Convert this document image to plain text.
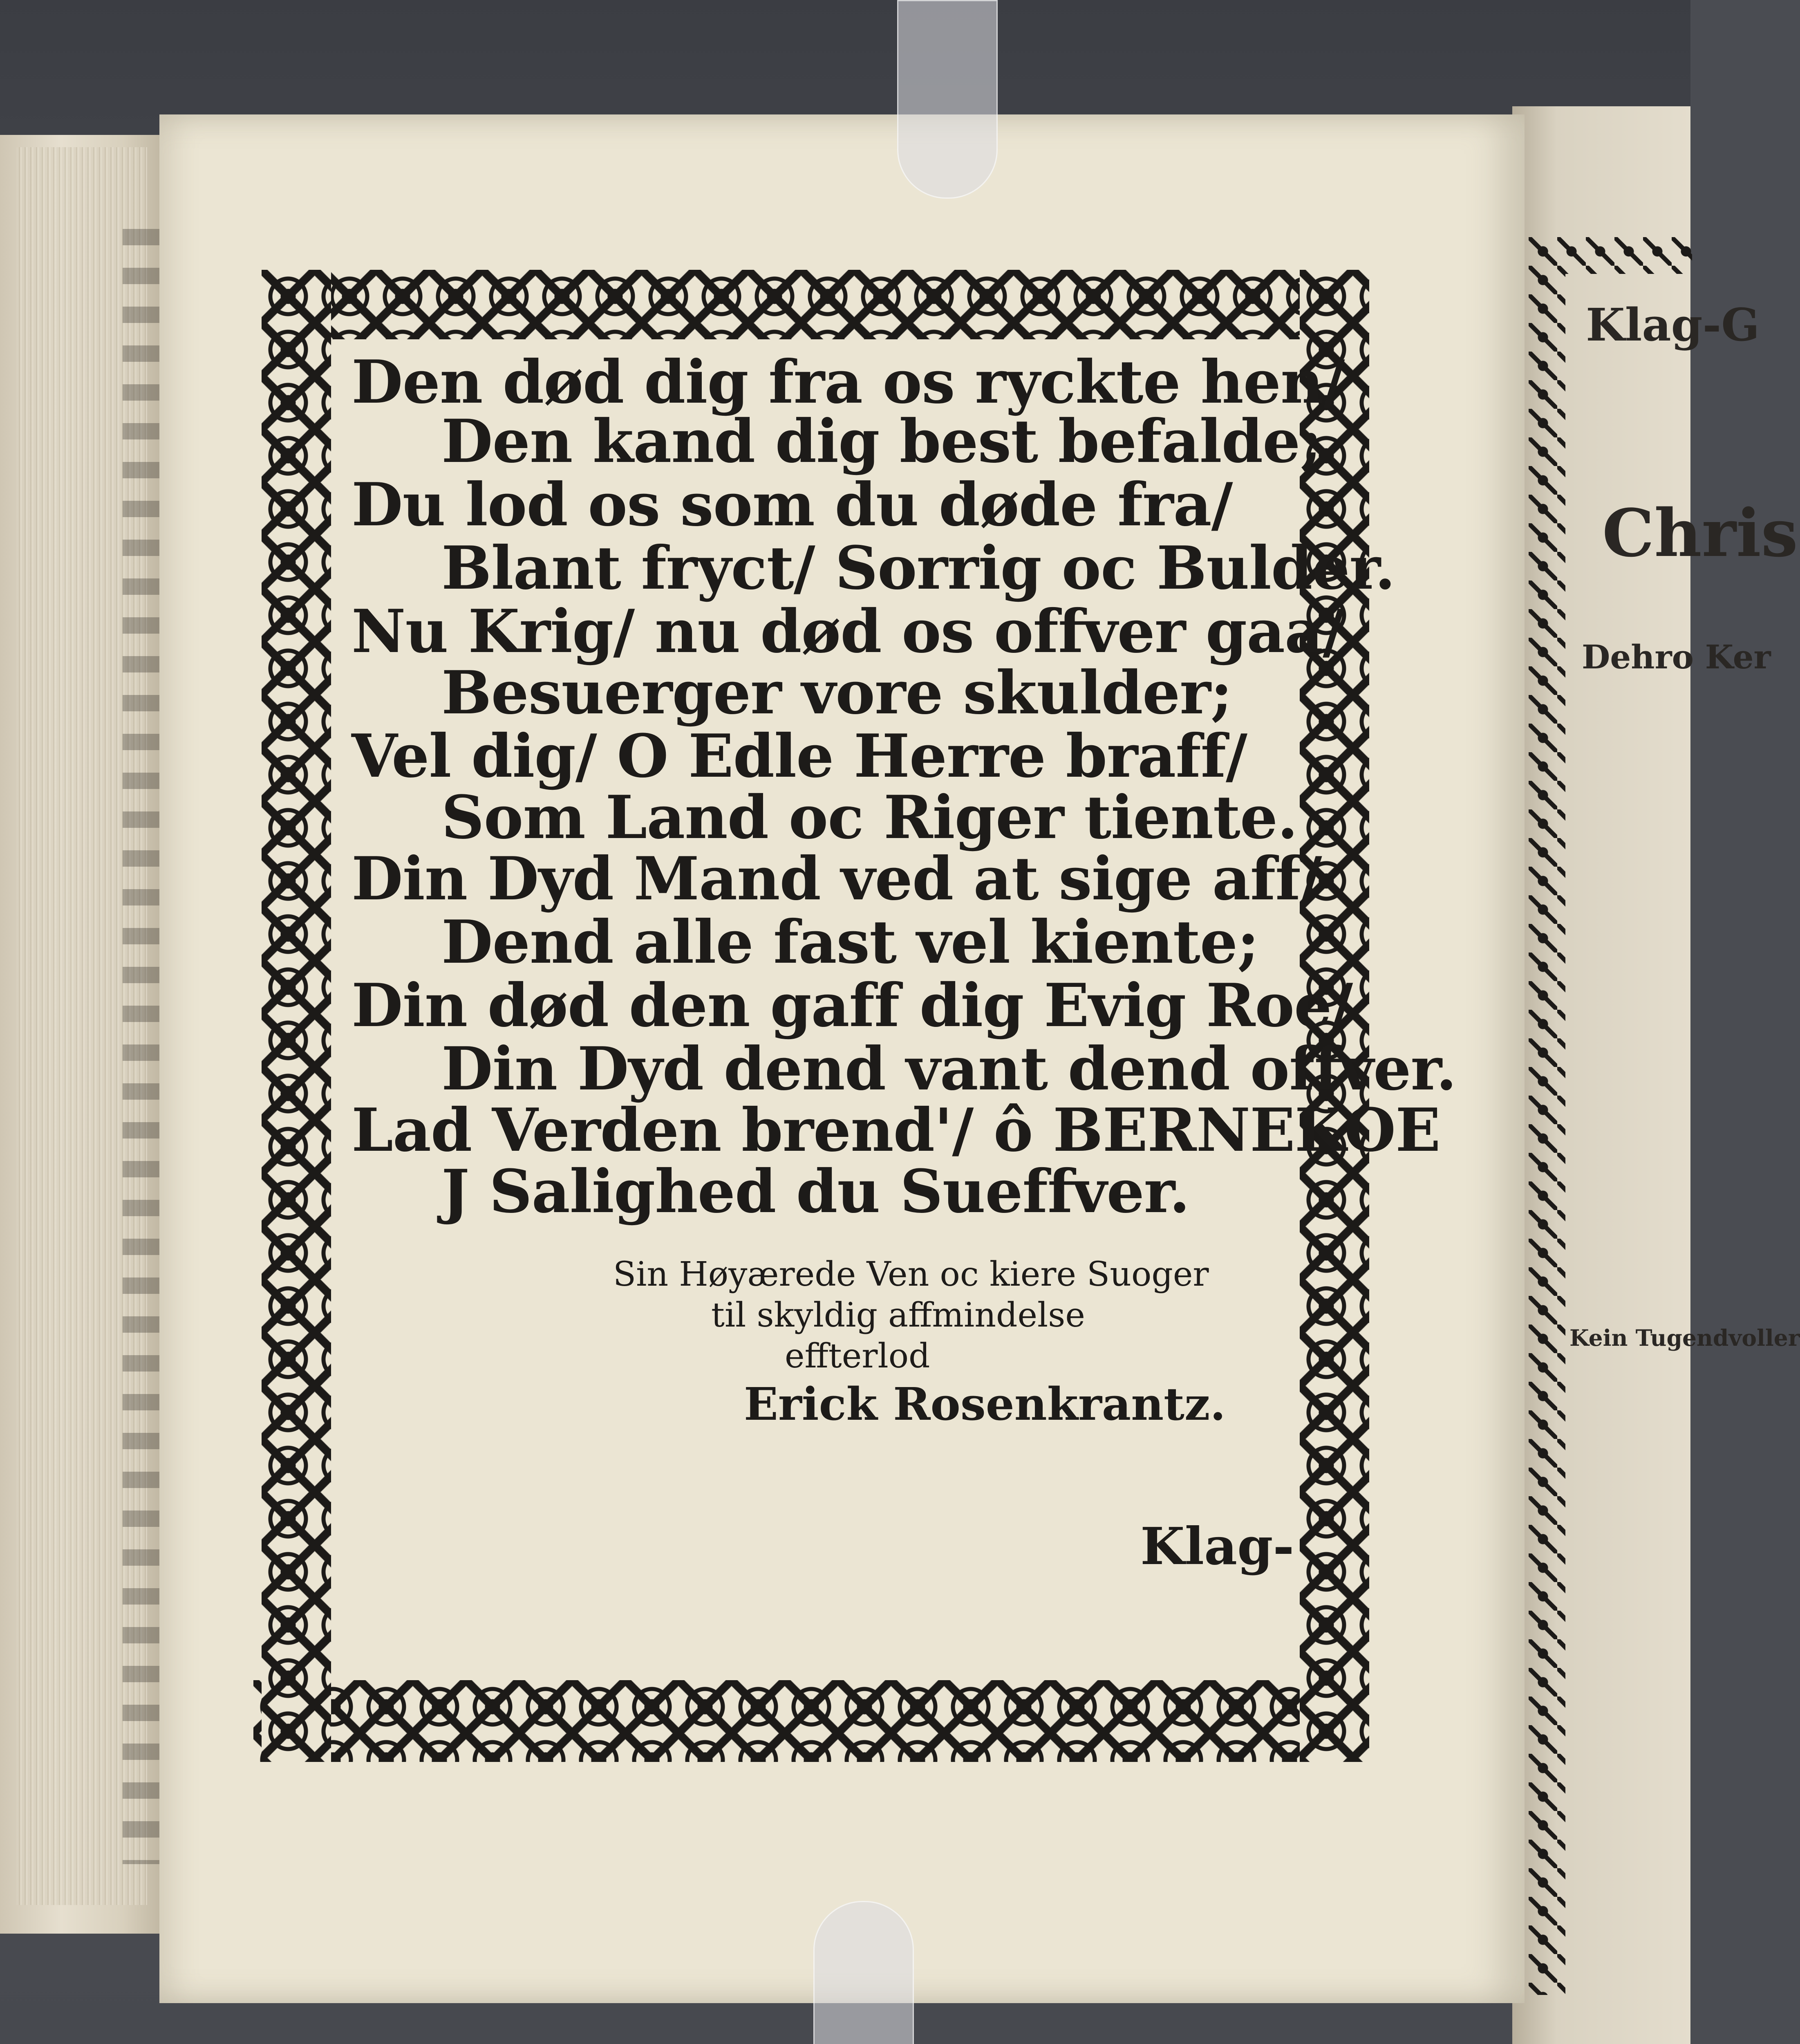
Klag-G
Chris
Dehro Ker
Kein Tugendvoller
Den død dig fra os ryckte hen/
Den kand dig best befalde;
Du lod os som du døde fra/
Blant fryct/ Sorrig oc Bulder.
Nu Krig/ nu død os offver gaa/
Besuerger vore skulder;
Vel dig/ O Edle Herre braff/
Som Land oc Riger tiente.
Din Dyd Mand ved at sige aff/
Dend alle fast vel kiente;
Din død den gaff dig Evig Roe/
Din Dyd dend vant dend offver.
Lad Verden brend'/ ô BERNEKOE
J Salighed du Sueffver.
Sin Høyærede Ven oc kiere Suoger
til skyldig affmindelse
effterlod
Erick Rosenkrantz.
Klag-
